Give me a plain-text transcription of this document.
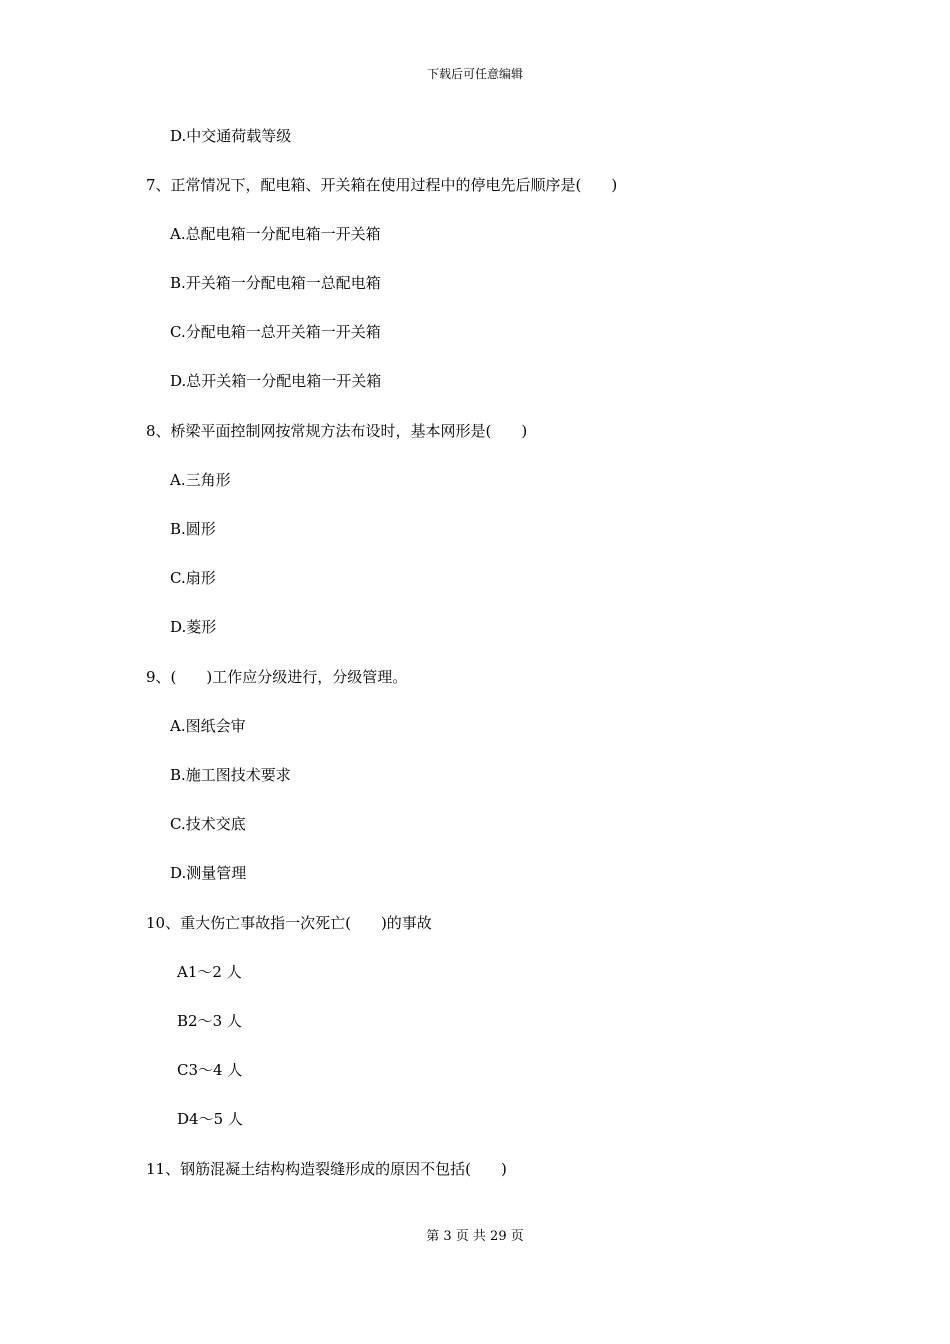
下载后可任意编辑
D.中交通荷载等级
7、正常情况下，配电箱、开关箱在使用过程中的停电先后顺序是(　　)
A.总配电箱一分配电箱一开关箱
B.开关箱一分配电箱一总配电箱
C.分配电箱一总开关箱一开关箱
D.总开关箱一分配电箱一开关箱
8、桥梁平面控制网按常规方法布设时，基本网形是(　　)
A.三角形
B.圆形
C.扇形
D.菱形
9、(　　)工作应分级进行，分级管理。
A.图纸会审
B.施工图技术要求
C.技术交底
D.测量管理
10、重大伤亡事故指一次死亡(　　)的事故
A1～2 人
B2～3 人
C3～4 人
D4～5 人
11、钢筋混凝土结构构造裂缝形成的原因不包括(　　)
第 3 页 共 29 页
